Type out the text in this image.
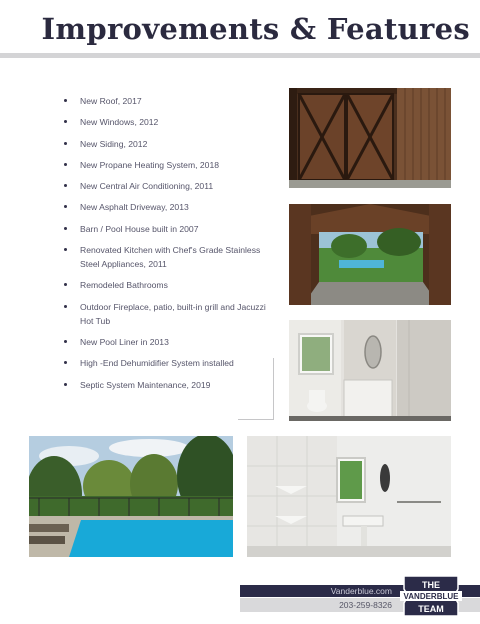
Improvements & Features
New Roof, 2017
New Windows, 2012
New Siding, 2012
New Propane Heating System, 2018
New Central Air Conditioning, 2011
New Asphalt Driveway, 2013
Barn / Pool House built in 2007
Renovated Kitchen with Chef's Grade Stainless Steel Appliances, 2011
Remodeled Bathrooms
Outdoor Fireplace, patio, built-in grill and Jacuzzi Hot Tub
New Pool Liner in 2013
High -End Dehumidifier System installed
Septic System Maintenance, 2019
Vanderblue.com
203-259-8326
THE
VANDERBLUE
TEAM
